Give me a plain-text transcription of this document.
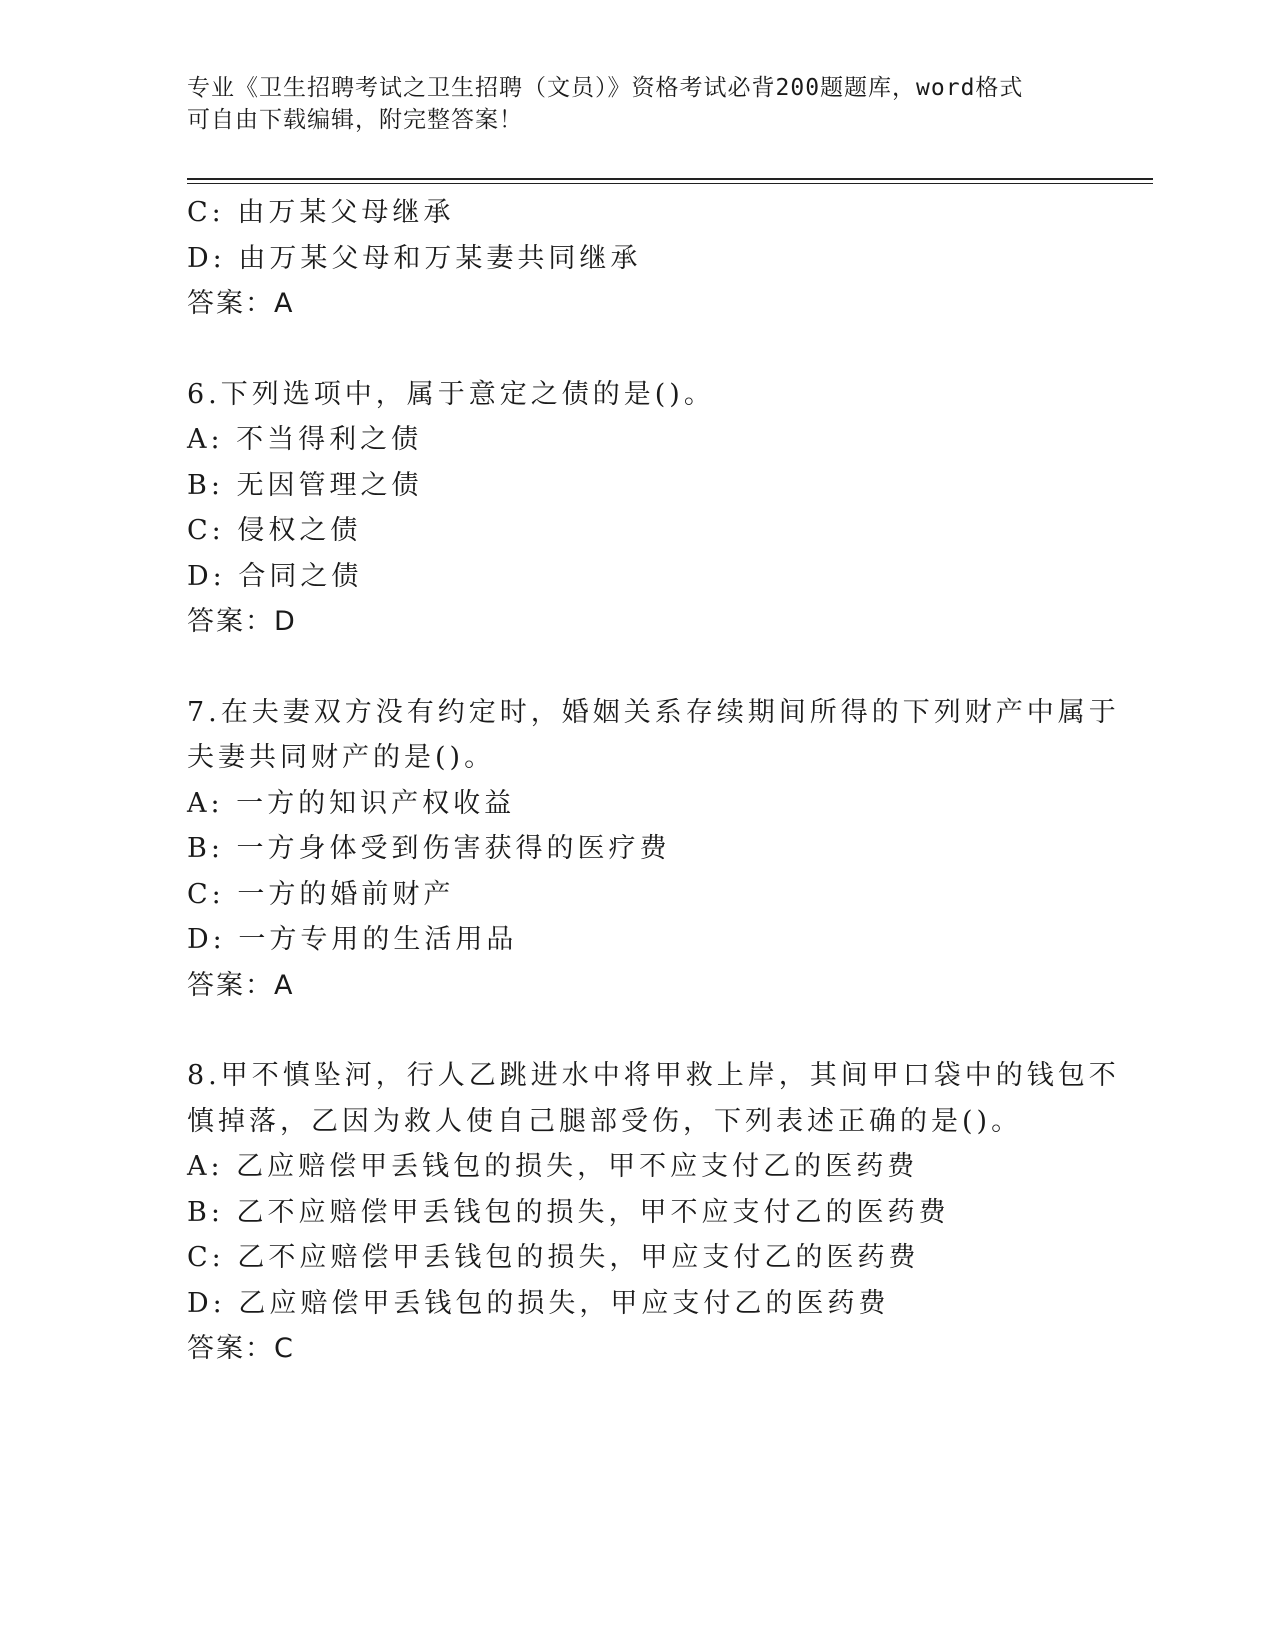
专业《卫生招聘考试之卫生招聘（文员）》资格考试必背200题题库，word格式
可自由下载编辑，附完整答案！
C: 由万某父母继承
D: 由万某父母和万某妻共同继承
答案：A
6.下列选项中，属于意定之债的是()。
A: 不当得利之债
B: 无因管理之债
C: 侵权之债
D: 合同之债
答案：D
7.在夫妻双方没有约定时，婚姻关系存续期间所得的下列财产中属于
夫妻共同财产的是()。
A: 一方的知识产权收益
B: 一方身体受到伤害获得的医疗费
C: 一方的婚前财产
D: 一方专用的生活用品
答案：A
8.甲不慎坠河，行人乙跳进水中将甲救上岸，其间甲口袋中的钱包不
慎掉落，乙因为救人使自己腿部受伤，下列表述正确的是()。
A: 乙应赔偿甲丢钱包的损失，甲不应支付乙的医药费
B: 乙不应赔偿甲丢钱包的损失，甲不应支付乙的医药费
C: 乙不应赔偿甲丢钱包的损失，甲应支付乙的医药费
D: 乙应赔偿甲丢钱包的损失，甲应支付乙的医药费
答案：C
